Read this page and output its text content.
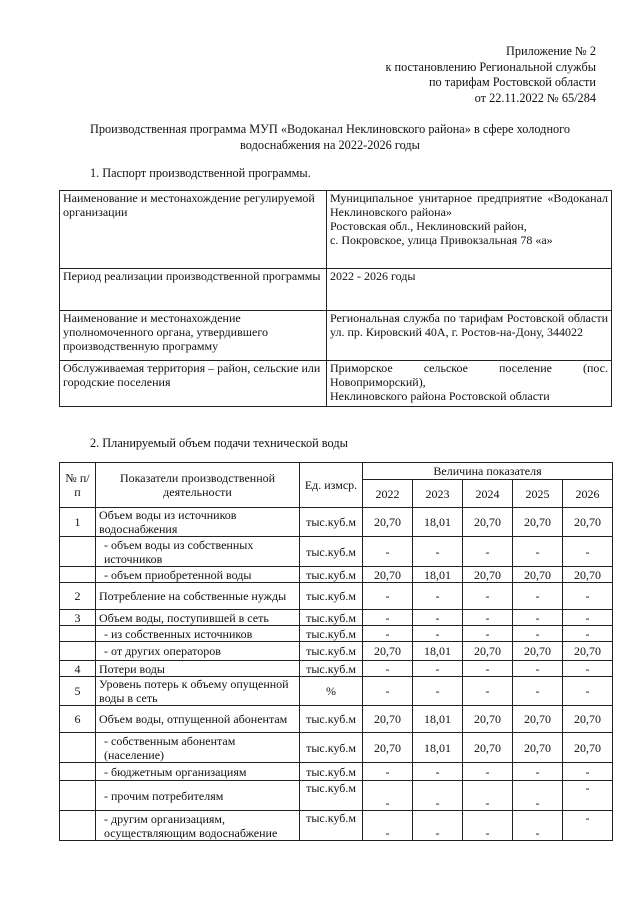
Приложение № 2
к постановлению Региональной службы
по тарифам Ростовской области
от 22.11.2022 № 65/284
Производственная программа МУП «Водоканал Неклиновского района» в сфере холодного
водоснабжения на 2022-2026 годы
1. Паспорт производственной программы.
Наименование и местонахождение регулируемой организации	Муниципальное унитарное предприятие «Водоканал Неклиновского района»
Ростовская обл., Неклиновский район,
с. Покровское, улица Привокзальная 78 «а»

Период реализации производственной программы	2022 - 2026 годы

Наименование и местонахождение уполномоченного органа, утвердившего производственную программу	Региональная служба по тарифам Ростовской области ул. пр. Кировский 40А, г. Ростов-на-Дону, 344022

Обслуживаемая территория – район, сельские или городские поселения	Приморское сельское поселение (пос. Новоприморский),
Неклиновского района Ростовской области
2. Планируемый объем подачи технической воды
№ п/п	Показатели производственной деятельности	Ед. измср.	Величина показателя				
			2022	2023	2024	2025	2026
1	Объем воды из источников водоснабжения	тыс.куб.м	20,70	18,01	20,70	20,70	20,70
	- объем воды из собственных источников	тыс.куб.м	-	-	-	-	-
	- объем приобретенной воды	тыс.куб.м	20,70	18,01	20,70	20,70	20,70
2	Потребление на собственные нужды	тыс.куб.м	-	-	-	-	-
3	Объем воды, поступившей в сеть	тыс.куб.м	-	-	-	-	-
	- из собственных источников	тыс.куб.м	-	-	-	-	-
	- от других операторов	тыс.куб.м	20,70	18,01	20,70	20,70	20,70
4	Потери воды	тыс.куб.м	-	-	-	-	-
5	Уровень потерь к объему опущенной воды в сеть	%	-	-	-	-	-
6	Объем воды, отпущенной абонентам	тыс.куб.м	20,70	18,01	20,70	20,70	20,70
	- собственным абонентам (население)	тыс.куб.м	20,70	18,01	20,70	20,70	20,70
	- бюджетным организациям	тыс.куб.м	-	-	-	-	-
	- прочим потребителям	тыс.куб.м	-	-	-	-	-
	- другим организациям, осуществляющим водоснабжение	тыс.куб.м	-	-	-	-	-
